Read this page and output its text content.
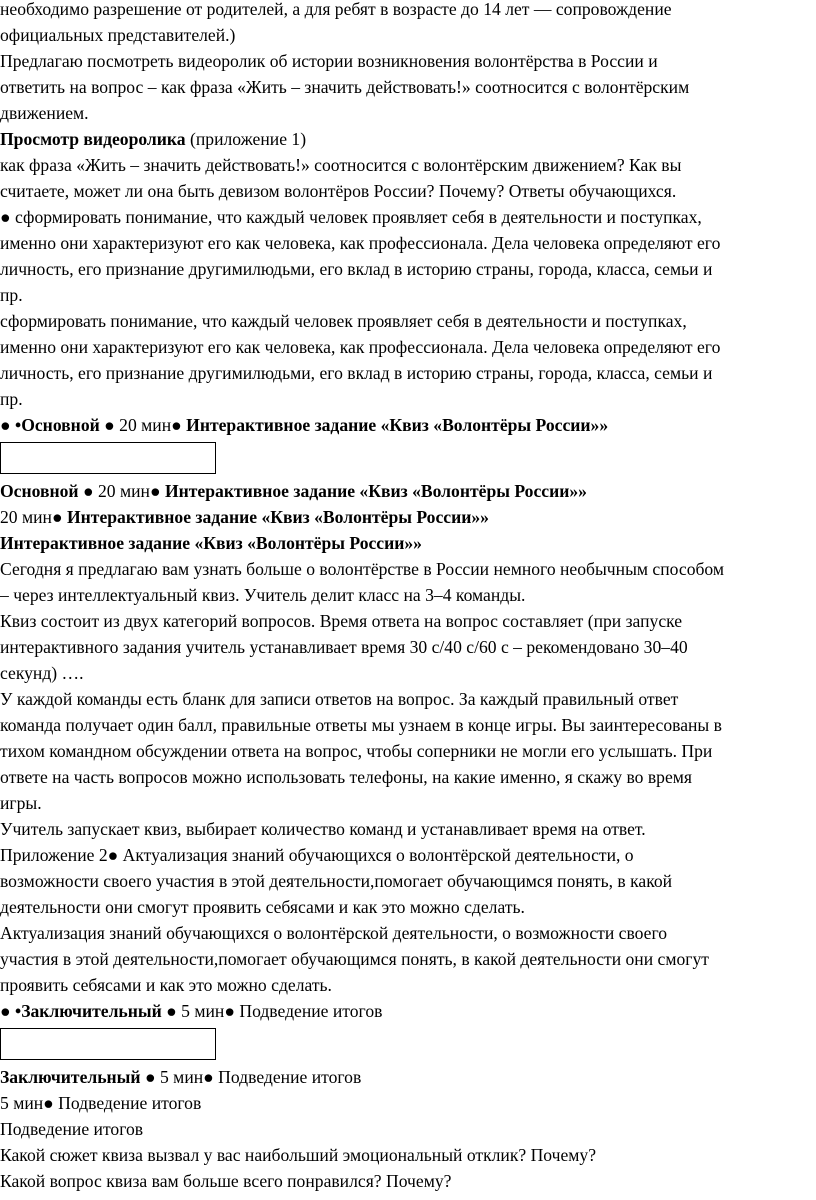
необходимо разрешение от родителей, а для ребят в возрасте до 14 лет — сопровождение

официальных представителей.)

Предлагаю посмотреть видеоролик об истории возникновения волонтёрства в России и

ответить на вопрос – как фраза «Жить – значить действовать!» соотносится с волонтёрским

движением.

Просмотр видеоролика (приложение 1)

как фраза «Жить – значить действовать!» соотносится с волонтёрским движением? Как вы

считаете, может ли она быть девизом волонтёров России? Почему? Ответы обучающихся.

● сформировать понимание, что каждый человек проявляет себя в деятельности и поступках,

именно они характеризуют его как человека, как профессионала. Дела человека определяют его

личность, его признание другимилюдьми, его вклад в историю страны, города, класса, семьи и

пр.

сформировать понимание, что каждый человек проявляет себя в деятельности и поступках,

именно они характеризуют его как человека, как профессионала. Дела человека определяют его

личность, его признание другимилюдьми, его вклад в историю страны, города, класса, семьи и

пр.

● •Основной ● 20 мин● Интерактивное задание «Квиз «Волонтёры России»»

Основной ● 20 мин● Интерактивное задание «Квиз «Волонтёры России»»

20 мин● Интерактивное задание «Квиз «Волонтёры России»»

Интерактивное задание «Квиз «Волонтёры России»»

Сегодня я предлагаю вам узнать больше о волонтёрстве в России немного необычным способом

– через интеллектуальный квиз. Учитель делит класс на 3–4 команды.

Квиз состоит из двух категорий вопросов. Время ответа на вопрос составляет (при запуске

интерактивного задания учитель устанавливает время 30 с/40 с/60 с – рекомендовано 30–40

секунд) ….

У каждой команды есть бланк для записи ответов на вопрос. За каждый правильный ответ

команда получает один балл, правильные ответы мы узнаем в конце игры. Вы заинтересованы в

тихом командном обсуждении ответа на вопрос, чтобы соперники не могли его услышать. При

ответе на часть вопросов можно использовать телефоны, на какие именно, я скажу во время

игры.

Учитель запускает квиз, выбирает количество команд и устанавливает время на ответ.

Приложение 2● Актуализация знаний обучающихся о волонтёрской деятельности, о

возможности своего участия в этой деятельности,помогает обучающимся понять, в какой

деятельности они смогут проявить себясами и как это можно сделать.

Актуализация знаний обучающихся о волонтёрской деятельности, о возможности своего

участия в этой деятельности,помогает обучающимся понять, в какой деятельности они смогут

проявить себясами и как это можно сделать.

● •Заключительный ● 5 мин● Подведение итогов

Заключительный ● 5 мин● Подведение итогов

5 мин● Подведение итогов

Подведение итогов

Какой сюжет квиза вызвал у вас наибольший эмоциональный отклик? Почему?

Какой вопрос квиза вам больше всего понравился? Почему?
